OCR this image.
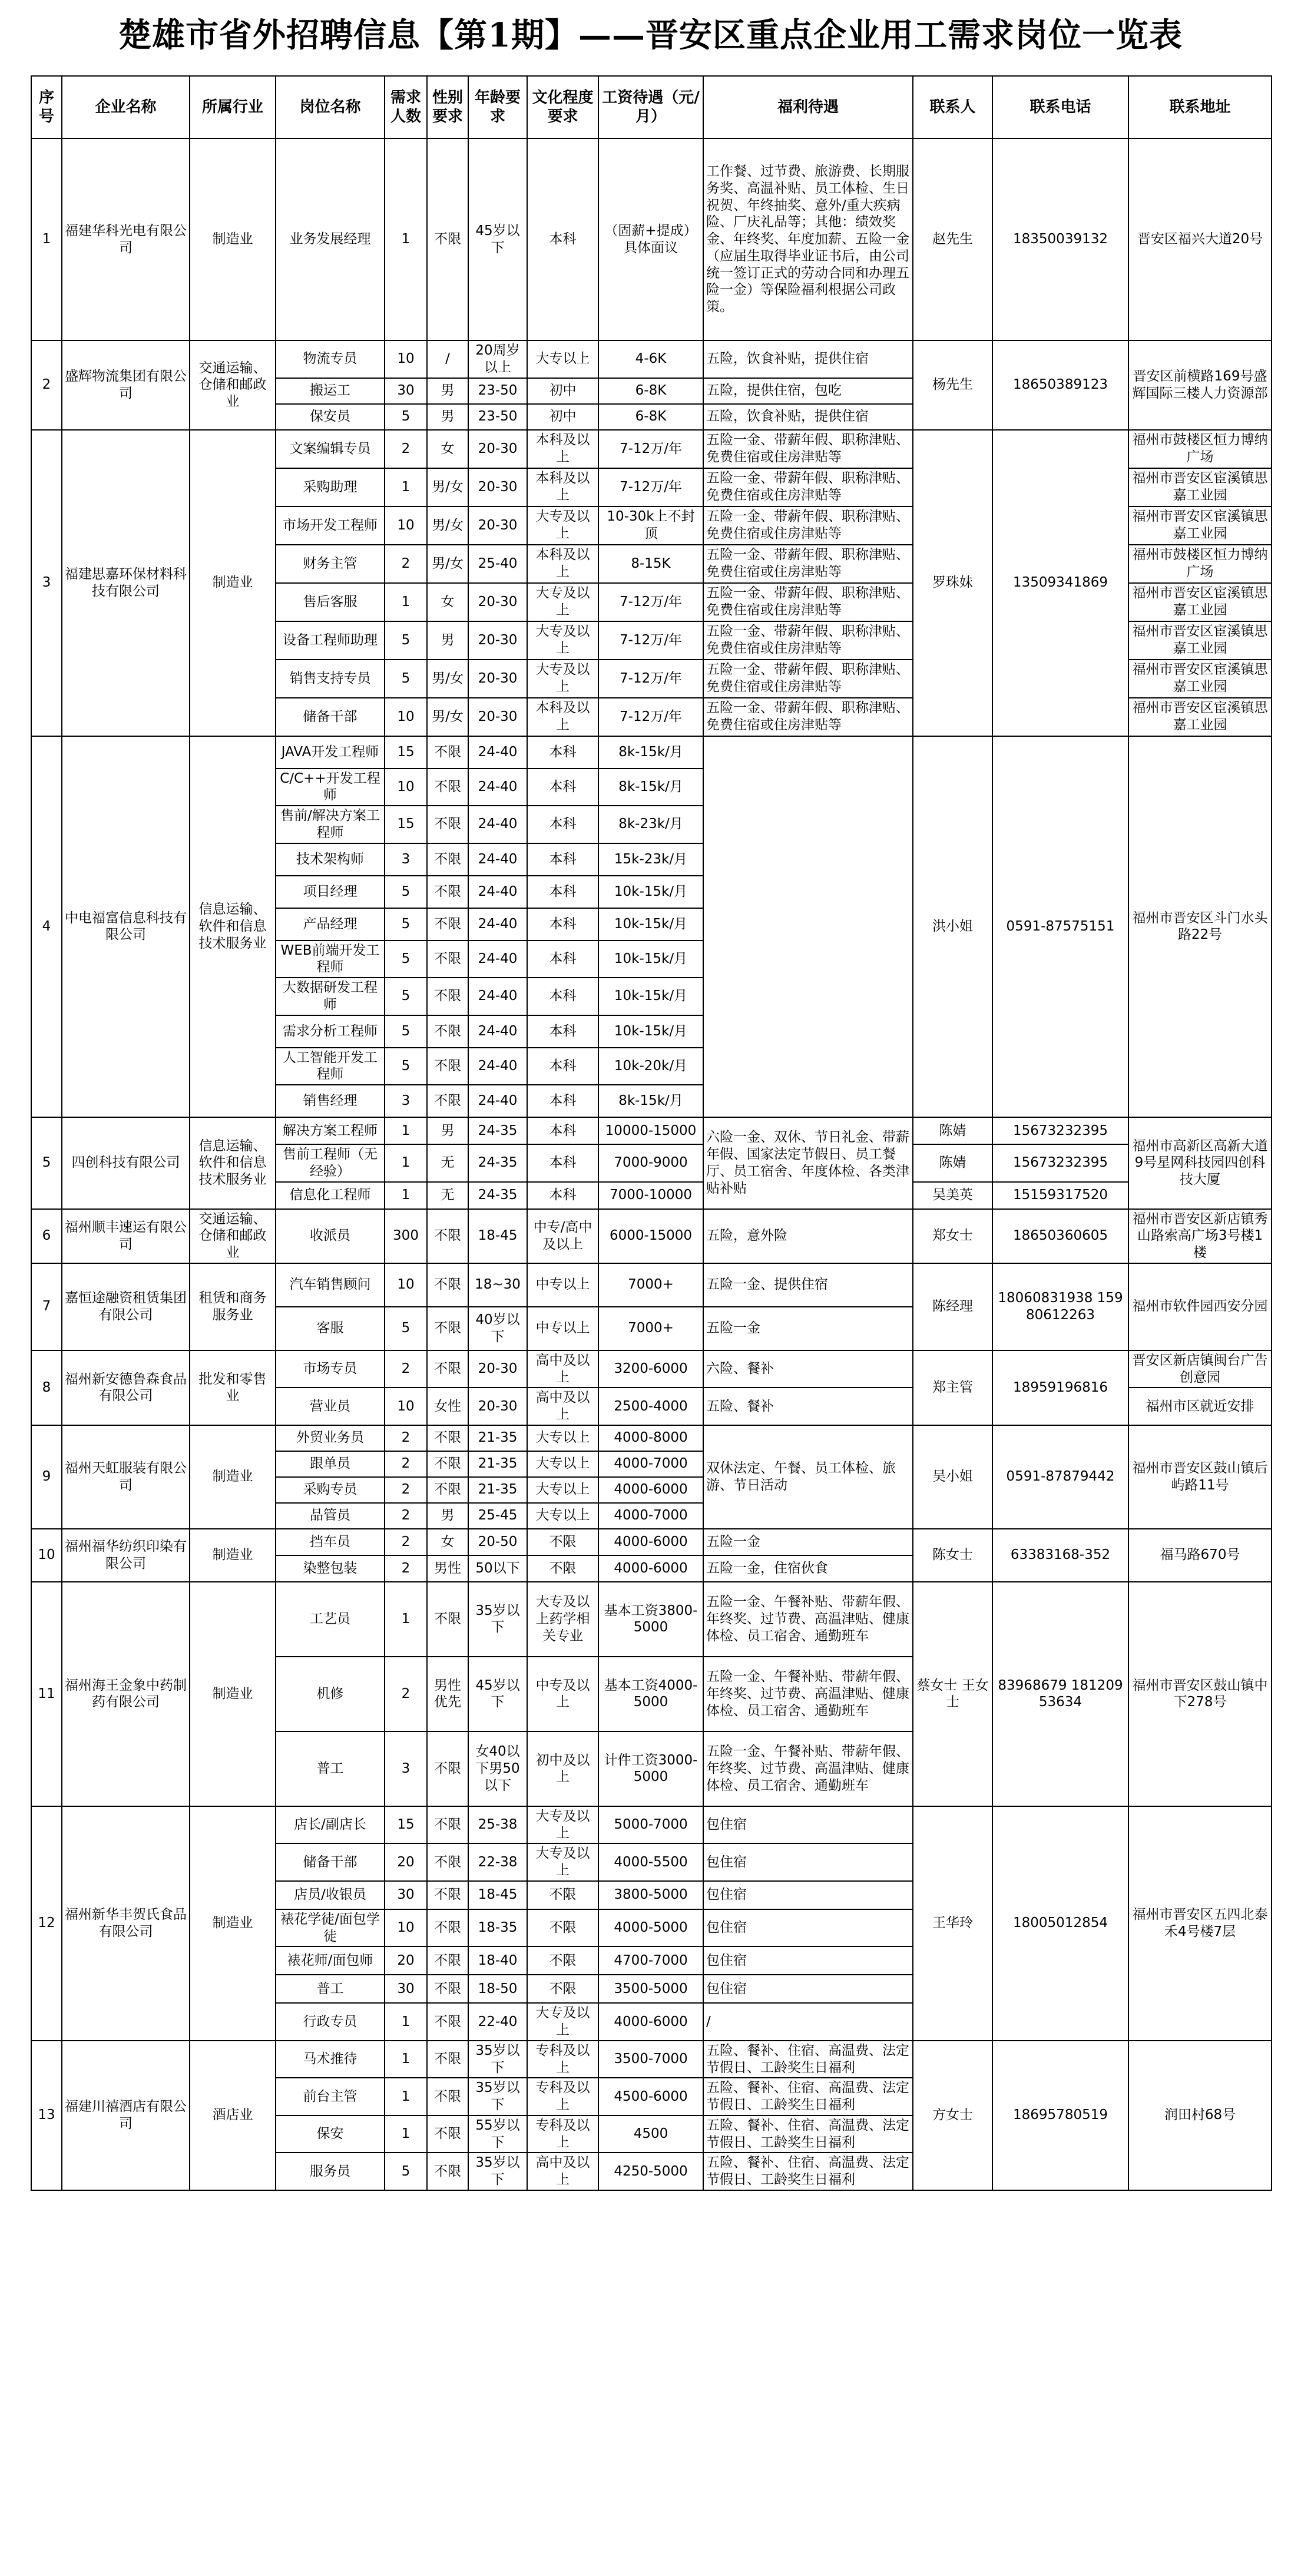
楚雄市省外招聘信息【第1期】——晋安区重点企业用工需求岗位一览表
序号	企业名称	所属行业	岗位名称	需求人数	性别要求	年龄要求	文化程度要求	工资待遇（元/月）	福利待遇	联系人	联系电话	联系地址
1	福建华科光电有限公司	制造业	业务发展经理	1	不限	45岁以下	本科	（固薪+提成）具体面议	工作餐、过节费、旅游费、长期服务奖、高温补贴、员工体检、生日祝贺、年终抽奖、意外/重大疾病险、厂庆礼品等；其他：绩效奖金、年终奖、年度加薪、五险一金（应届生取得毕业证书后，由公司统一签订正式的劳动合同和办理五险一金）等保险福利根据公司政策。	赵先生	18350039132	晋安区福兴大道20号
2	盛辉物流集团有限公司	交通运输、仓储和邮政业	物流专员	10	/	20周岁以上	大专以上	4-6K	五险，饮食补贴，提供住宿	杨先生	18650389123	晋安区前横路169号盛辉国际三楼人力资源部
			搬运工	30	男	23-50	初中	6-8K	五险，提供住宿，包吃			
			保安员	5	男	23-50	初中	6-8K	五险，饮食补贴，提供住宿			
3	福建思嘉环保材料科技有限公司	制造业	文案编辑专员	2	女	20-30	本科及以上	7-12万/年	五险一金、带薪年假、职称津贴、免费住宿或住房津贴等	罗珠妹	13509341869	福州市鼓楼区恒力博纳广场
			采购助理	1	男/女	20-30	本科及以上	7-12万/年	五险一金、带薪年假、职称津贴、免费住宿或住房津贴等			福州市晋安区宦溪镇思嘉工业园
			市场开发工程师	10	男/女	20-30	大专及以上	10-30k上不封顶	五险一金、带薪年假、职称津贴、免费住宿或住房津贴等			福州市晋安区宦溪镇思嘉工业园
			财务主管	2	男/女	25-40	本科及以上	8-15K	五险一金、带薪年假、职称津贴、免费住宿或住房津贴等			福州市鼓楼区恒力博纳广场
			售后客服	1	女	20-30	大专及以上	7-12万/年	五险一金、带薪年假、职称津贴、免费住宿或住房津贴等			福州市晋安区宦溪镇思嘉工业园
			设备工程师助理	5	男	20-30	大专及以上	7-12万/年	五险一金、带薪年假、职称津贴、免费住宿或住房津贴等			福州市晋安区宦溪镇思嘉工业园
			销售支持专员	5	男/女	20-30	大专及以上	7-12万/年	五险一金、带薪年假、职称津贴、免费住宿或住房津贴等			福州市晋安区宦溪镇思嘉工业园
			储备干部	10	男/女	20-30	本科及以上	7-12万/年	五险一金、带薪年假、职称津贴、免费住宿或住房津贴等			福州市晋安区宦溪镇思嘉工业园
4	中电福富信息科技有限公司	信息运输、软件和信息技术服务业	JAVA开发工程师	15	不限	24-40	本科	8k-15k/月		洪小姐	0591-87575151	福州市晋安区斗门水头路22号
			C/C++开发工程师	10	不限	24-40	本科	8k-15k/月				
			售前/解决方案工程师	15	不限	24-40	本科	8k-23k/月				
			技术架构师	3	不限	24-40	本科	15k-23k/月				
			项目经理	5	不限	24-40	本科	10k-15k/月				
			产品经理	5	不限	24-40	本科	10k-15k/月				
			WEB前端开发工程师	5	不限	24-40	本科	10k-15k/月				
			大数据研发工程师	5	不限	24-40	本科	10k-15k/月				
			需求分析工程师	5	不限	24-40	本科	10k-15k/月				
			人工智能开发工程师	5	不限	24-40	本科	10k-20k/月				
			销售经理	3	不限	24-40	本科	8k-15k/月				
5	四创科技有限公司	信息运输、软件和信息技术服务业	解决方案工程师	1	男	24-35	本科	10000-15000	六险一金、双休、节日礼金、带薪年假、国家法定节假日、员工餐厅、员工宿舍、年度体检、各类津贴补贴	陈婧	15673232395	福州市高新区高新大道9号星网科技园四创科技大厦
			售前工程师（无经验）	1	无	24-35	本科	7000-9000		陈婧	15673232395	
			信息化工程师	1	无	24-35	本科	7000-10000		吴美英	15159317520	
6	福州顺丰速运有限公司	交通运输、仓储和邮政业	收派员	300	不限	18-45	中专/高中及以上	6000-15000	五险，意外险	郑女士	18650360605	福州市晋安区新店镇秀山路索高广场3号楼1楼
7	嘉恒途融资租赁集团有限公司	租赁和商务服务业	汽车销售顾问	10	不限	18~30	中专以上	7000+	五险一金、提供住宿	陈经理	18060831938 15980612263	福州市软件园西安分园
			客服	5	不限	40岁以下	中专以上	7000+	五险一金			
8	福州新安德鲁森食品有限公司	批发和零售业	市场专员	2	不限	20-30	高中及以上	3200-6000	六险、餐补	郑主管	18959196816	晋安区新店镇闽台广告创意园
			营业员	10	女性	20-30	高中及以上	2500-4000	五险、餐补			福州市区就近安排
9	福州天虹服装有限公司	制造业	外贸业务员	2	不限	21-35	大专以上	4000-8000	双休法定、午餐、员工体检、旅游、节日活动	吴小姐	0591-87879442	福州市晋安区鼓山镇后屿路11号
			跟单员	2	不限	21-35	大专以上	4000-7000				
			采购专员	2	不限	21-35	大专以上	4000-6000				
			品管员	2	男	25-45	大专以上	4000-7000				
10	福州福华纺织印染有限公司	制造业	挡车员	2	女	20-50	不限	4000-6000	五险一金	陈女士	63383168-352	福马路670号
			染整包装	2	男性	50以下	不限	4000-6000	五险一金，住宿伙食			
11	福州海王金象中药制药有限公司	制造业	工艺员	1	不限	35岁以下	大专及以上药学相关专业	基本工资3800-5000	五险一金、午餐补贴、带薪年假、年终奖、过节费、高温津贴、健康体检、员工宿舍、通勤班车	蔡女士 王女士	83968679 18120953634	福州市晋安区鼓山镇中下278号
			机修	2	男性优先	45岁以下	中专及以上	基本工资4000-5000	五险一金、午餐补贴、带薪年假、年终奖、过节费、高温津贴、健康体检、员工宿舍、通勤班车			
			普工	3	不限	女40以下男50以下	初中及以上	计件工资3000-5000	五险一金、午餐补贴、带薪年假、年终奖、过节费、高温津贴、健康体检、员工宿舍、通勤班车			
12	福州新华丰贺氏食品有限公司	制造业	店长/副店长	15	不限	25-38	大专及以上	5000-7000	包住宿	王华玲	18005012854	福州市晋安区五四北泰禾4号楼7层
			储备干部	20	不限	22-38	大专及以上	4000-5500	包住宿			
			店员/收银员	30	不限	18-45	不限	3800-5000	包住宿			
			裱花学徒/面包学徒	10	不限	18-35	不限	4000-5000	包住宿			
			裱花师/面包师	20	不限	18-40	不限	4700-7000	包住宿			
			普工	30	不限	18-50	不限	3500-5000	包住宿			
			行政专员	1	不限	22-40	大专及以上	4000-6000	/			
13	福建川禧酒店有限公司	酒店业	马术推待	1	不限	35岁以下	专科及以上	3500-7000	五险、餐补、住宿、高温费、法定节假日、工龄奖生日福利	方女士	18695780519	润田村68号
			前台主管	1	不限	35岁以下	专科及以上	4500-6000	五险、餐补、住宿、高温费、法定节假日、工龄奖生日福利			
			保安	1	不限	55岁以下	专科及以上	4500	五险、餐补、住宿、高温费、法定节假日、工龄奖生日福利			
			服务员	5	不限	35岁以下	高中及以上	4250-5000	五险、餐补、住宿、高温费、法定节假日、工龄奖生日福利			
